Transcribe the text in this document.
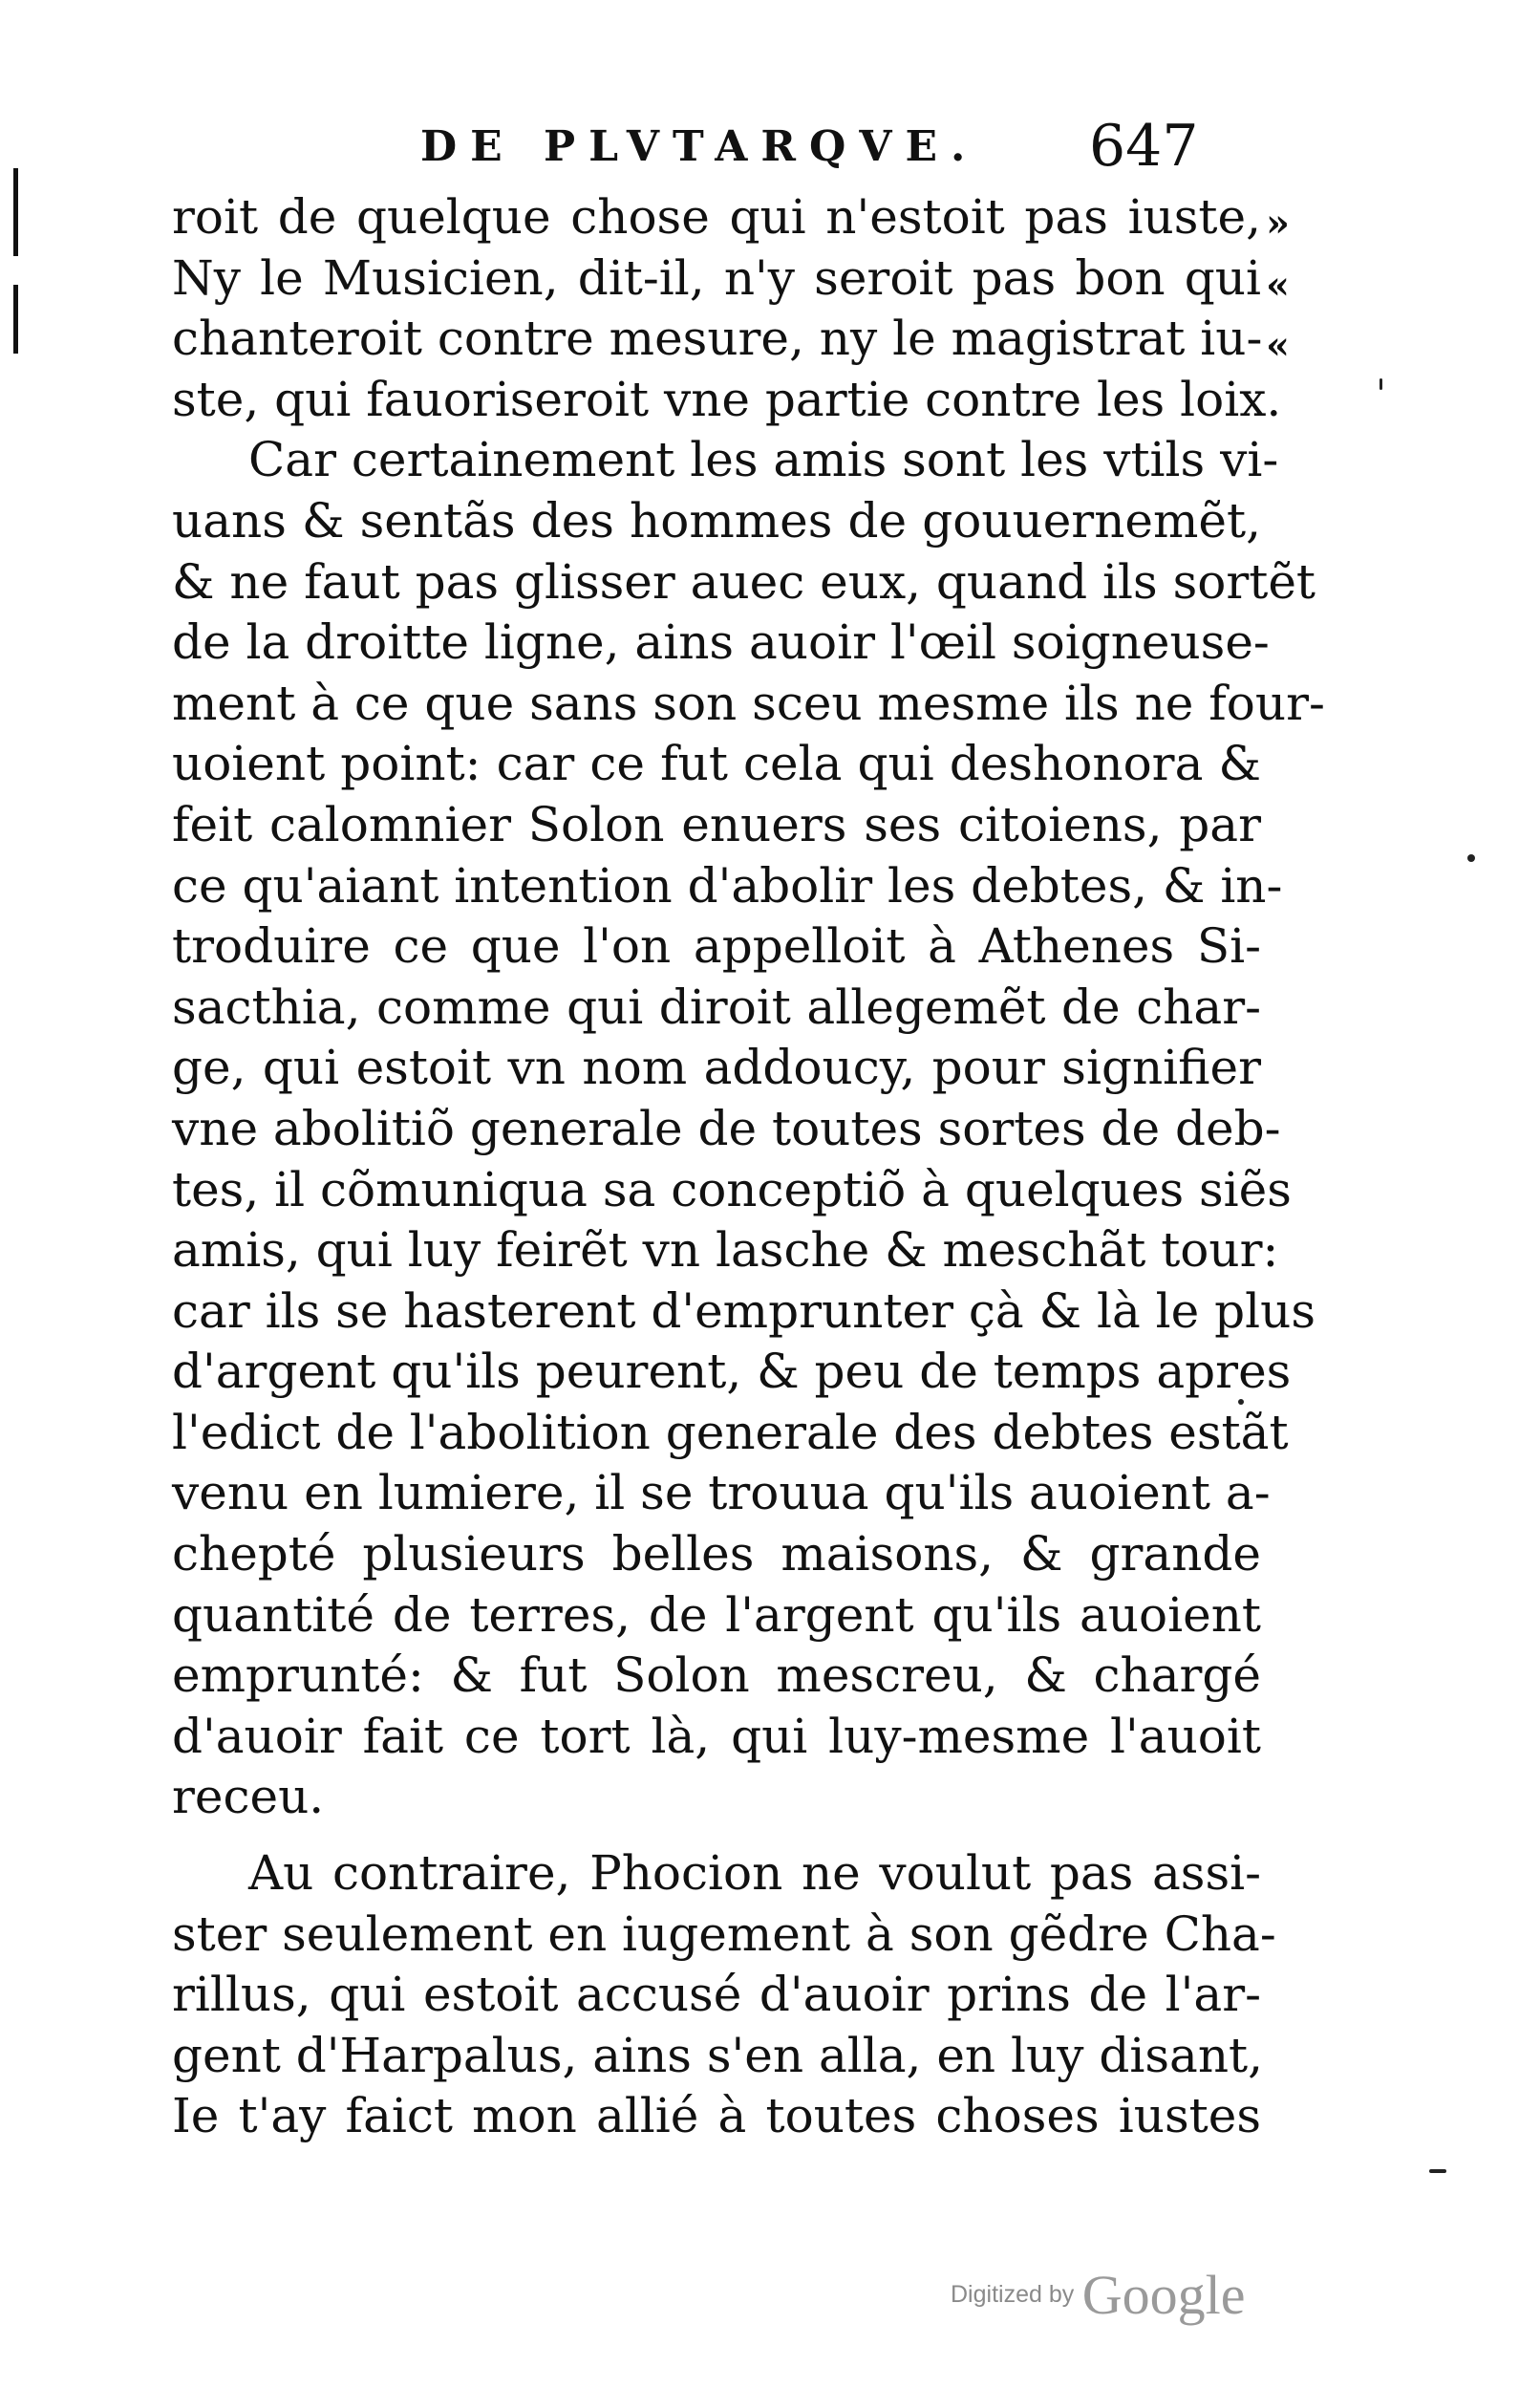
DE PLVTARQVE. 647
»
«
«
roit de quelque chose qui n'estoit pas iuste,
Ny le Musicien, dit-il, n'y seroit pas bon qui
chanteroit contre mesure, ny le magistrat iu-
ste, qui fauoriseroit vne partie contre les loix.
Car certainement les amis sont les vtils vi-
uans & sentãs des hommes de gouuernemẽt,
& ne faut pas glisser auec eux, quand ils sortẽt
de la droitte ligne, ains auoir l'œil soigneuse-
ment à ce que sans son sceu mesme ils ne four-
uoient point: car ce fut cela qui deshonora &
feit calomnier Solon enuers ses citoiens, par
ce qu'aiant intention d'abolir les debtes, & in-
troduire ce que l'on appelloit à Athenes Si-
sacthia, comme qui diroit allegemẽt de char-
ge, qui estoit vn nom addoucy, pour signifier
vne abolitiõ generale de toutes sortes de deb-
tes, il cõmuniqua sa conceptiõ à quelques siẽs
amis, qui luy feirẽt vn lasche & meschãt tour:
car ils se hasterent d'emprunter çà & là le plus
d'argent qu'ils peurent, & peu de temps apres
l'edict de l'abolition generale des debtes estãt
venu en lumiere, il se trouua qu'ils auoient a-
chepté plusieurs belles maisons, & grande
quantité de terres, de l'argent qu'ils auoient
emprunté: & fut Solon mescreu, & chargé
d'auoir fait ce tort là, qui luy-mesme l'auoit
receu.
Au contraire, Phocion ne voulut pas assi-
ster seulement en iugement à son gẽdre Cha-
rillus, qui estoit accusé d'auoir prins de l'ar-
gent d'Harpalus, ains s'en alla, en luy disant,
Ie t'ay faict mon allié à toutes choses iustes
Digitized by Google
